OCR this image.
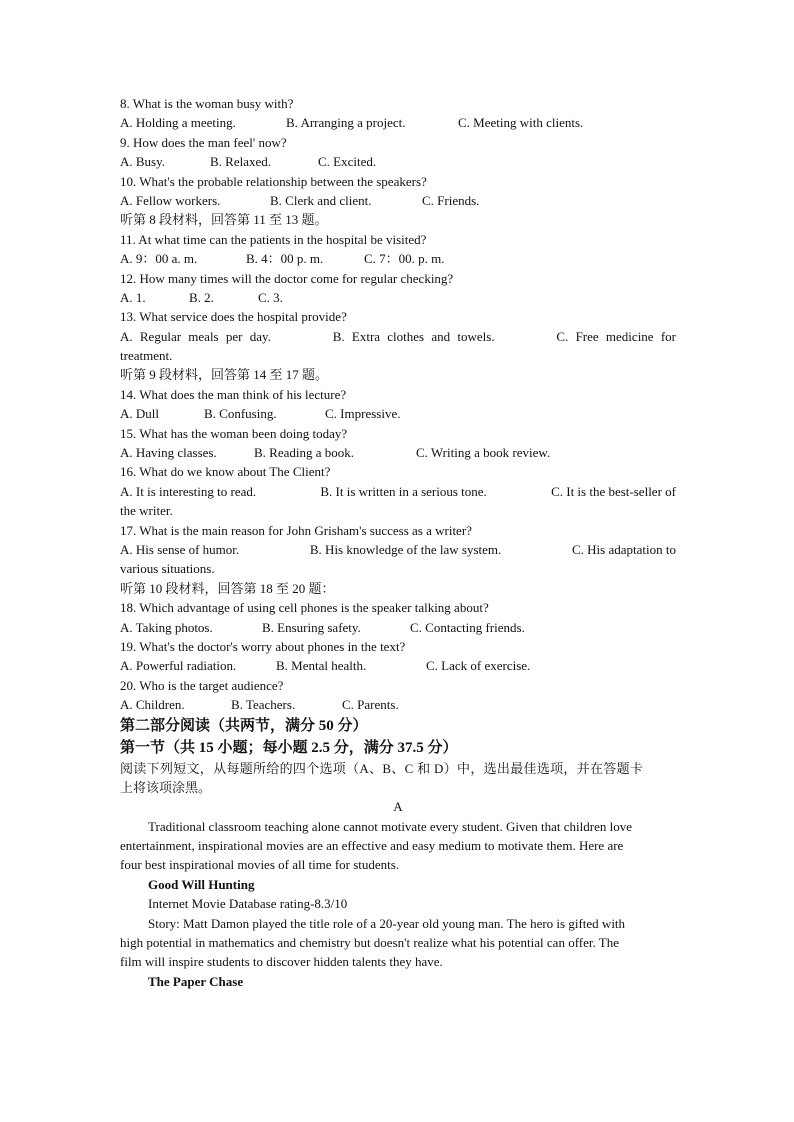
8. What is the woman busy with?
A. Holding a meeting.	B. Arranging a project.	C. Meeting with clients.
9. How does the man feel' now?
A. Busy.	B. Relaxed.	C. Excited.
10. What's the probable relationship between the speakers?
A. Fellow workers.	B. Clerk and client.	C. Friends.
听第 8 段材料，回答第 11 至 13 题。
11. At what time can the patients in the hospital be visited?
A. 9：00 a. m.	B. 4：00 p. m.	C. 7：00. p. m.
12. How many times will the doctor come for regular checking?
A. 1.	B. 2.	C. 3.
13. What service does the hospital provide?
A. Regular meals per day.	B. Extra clothes and towels.	C. Free medicine for
treatment.
听第 9 段材料，回答第 14 至 17 题。
14. What does the man think of his lecture?
A. Dull	B. Confusing.	C. Impressive.
15. What has the woman been doing today?
A. Having classes.	B. Reading a book.	C. Writing a book review.
16. What do we know about The Client?
A. It is interesting to read.	B. It is written in a serious tone.	C. It is the best-seller of
the writer.
17. What is the main reason for John Grisham's success as a writer?
A. His sense of humor.	B. His knowledge of the law system.	C. His adaptation to
various situations.
听第 10 段材料，回答第 18 至 20 题：
18. Which advantage of using cell phones is the speaker talking about?
A. Taking photos.	B. Ensuring safety.	C. Contacting friends.
19. What's the doctor's worry about phones in the text?
A. Powerful radiation.	B. Mental health.	C. Lack of exercise.
20. Who is the target audience?
A. Children.	B. Teachers.	C. Parents.
第二部分阅读（共两节，满分 50 分）
第一节（共 15 小题；每小题 2.5 分，满分 37.5 分）
阅读下列短文，从每题所给的四个选项（A、B、C 和 D）中，选出最佳选项，并在答题卡
上将该项涂黑。
A
Traditional classroom teaching alone cannot motivate every student. Given that children love
entertainment, inspirational movies are an effective and easy medium to motivate them. Here are
four best inspirational movies of all time for students.
Good Will Hunting
Internet Movie Database rating-8.3/10
Story: Matt Damon played the title role of a 20-year old young man. The hero is gifted with
high potential in mathematics and chemistry but doesn't realize what his potential can offer. The
film will inspire students to discover hidden talents they have.
The Paper Chase
